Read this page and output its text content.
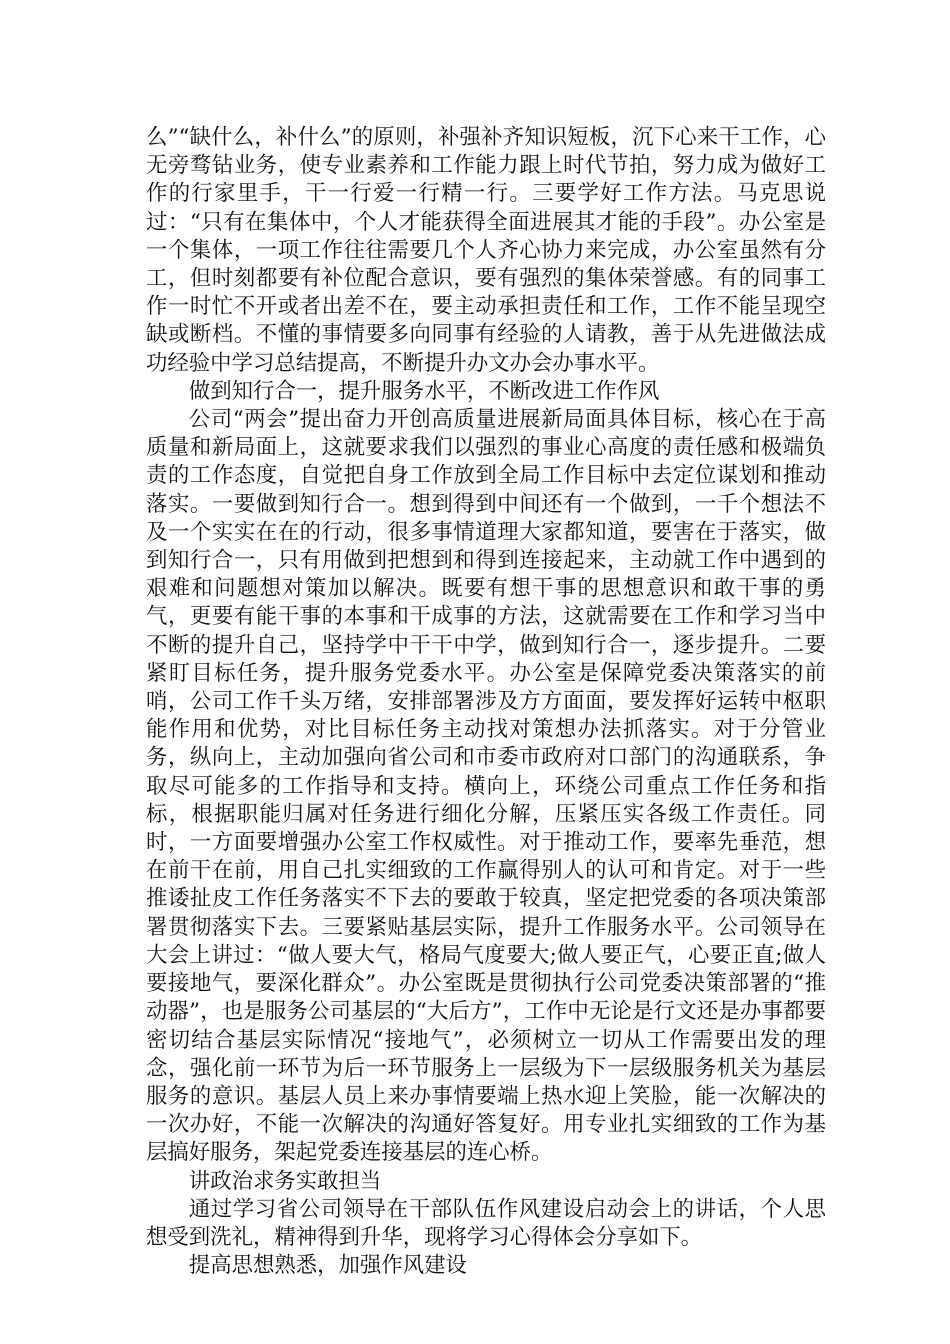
么”“缺什么，补什么”的原则，补强补齐知识短板，沉下心来干工作，心无旁骛钻业务，使专业素养和工作能力跟上时代节拍，努力成为做好工作的行家里手，干一行爱一行精一行。三要学好工作方法。马克思说过：“只有在集体中，个人才能获得全面进展其才能的手段”。办公室是一个集体，一项工作往往需要几个人齐心协力来完成，办公室虽然有分工，但时刻都要有补位配合意识，要有强烈的集体荣誉感。有的同事工作一时忙不开或者出差不在，要主动承担责任和工作，工作不能呈现空缺或断档。不懂的事情要多向同事有经验的人请教，善于从先进做法成功经验中学习总结提高，不断提升办文办会办事水平。

做到知行合一，提升服务水平，不断改进工作作风

公司“两会”提出奋力开创高质量进展新局面具体目标，核心在于高质量和新局面上，这就要求我们以强烈的事业心高度的责任感和极端负责的工作态度，自觉把自身工作放到全局工作目标中去定位谋划和推动落实。一要做到知行合一。想到得到中间还有一个做到，一千个想法不及一个实实在在的行动，很多事情道理大家都知道，要害在于落实，做到知行合一，只有用做到把想到和得到连接起来，主动就工作中遇到的艰难和问题想对策加以解决。既要有想干事的思想意识和敢干事的勇气，更要有能干事的本事和干成事的方法，这就需要在工作和学习当中不断的提升自己，坚持学中干干中学，做到知行合一，逐步提升。二要紧盯目标任务，提升服务党委水平。办公室是保障党委决策落实的前哨，公司工作千头万绪，安排部署涉及方方面面，要发挥好运转中枢职能作用和优势，对比目标任务主动找对策想办法抓落实。对于分管业务，纵向上，主动加强向省公司和市委市政府对口部门的沟通联系，争取尽可能多的工作指导和支持。横向上，环绕公司重点工作任务和指标，根据职能归属对任务进行细化分解，压紧压实各级工作责任。同时，一方面要增强办公室工作权威性。对于推动工作，要率先垂范，想在前干在前，用自己扎实细致的工作赢得别人的认可和肯定。对于一些推诿扯皮工作任务落实不下去的要敢于较真，坚定把党委的各项决策部署贯彻落实下去。三要紧贴基层实际，提升工作服务水平。公司领导在大会上讲过：“做人要大气，格局气度要大;做人要正气，心要正直;做人要接地气，要深化群众”。办公室既是贯彻执行公司党委决策部署的“推动器”，也是服务公司基层的“大后方”，工作中无论是行文还是办事都要密切结合基层实际情况“接地气”，必须树立一切从工作需要出发的理念，强化前一环节为后一环节服务上一层级为下一层级服务机关为基层服务的意识。基层人员上来办事情要端上热水迎上笑脸，能一次解决的一次办好，不能一次解决的沟通好答复好。用专业扎实细致的工作为基层搞好服务，架起党委连接基层的连心桥。

讲政治求务实敢担当

通过学习省公司领导在干部队伍作风建设启动会上的讲话，个人思想受到洗礼，精神得到升华，现将学习心得体会分享如下。

提高思想熟悉，加强作风建设
